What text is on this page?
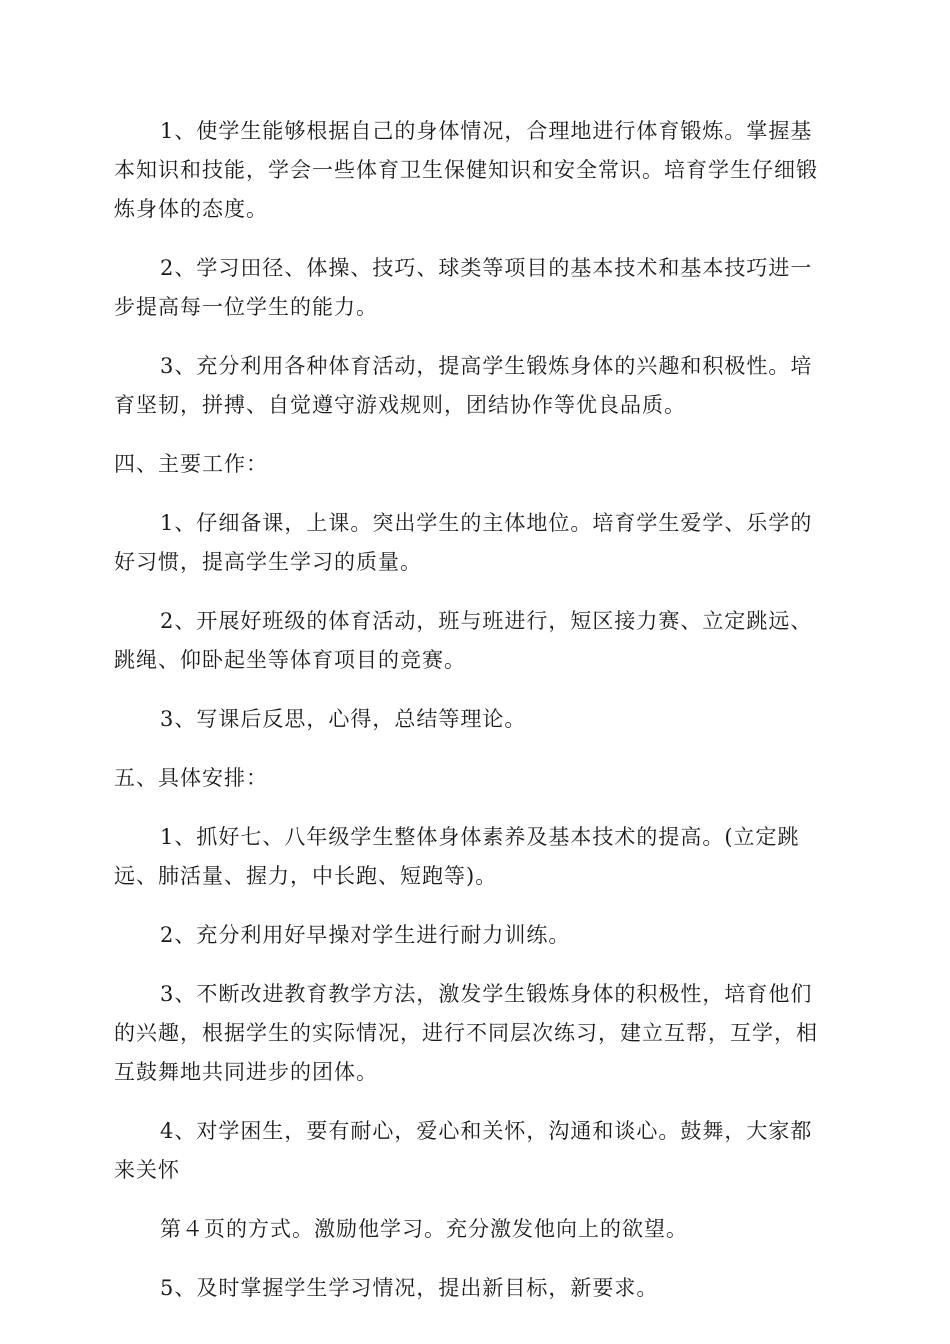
1、使学生能够根据自己的身体情况，合理地进行体育锻炼。掌握基本知识和技能，学会一些体育卫生保健知识和安全常识。培育学生仔细锻炼身体的态度。

2、学习田径、体操、技巧、球类等项目的基本技术和基本技巧进一步提高每一位学生的能力。

3、充分利用各种体育活动，提高学生锻炼身体的兴趣和积极性。培育坚韧，拼搏、自觉遵守游戏规则，团结协作等优良品质。

四、主要工作：

1、仔细备课，上课。突出学生的主体地位。培育学生爱学、乐学的好习惯，提高学生学习的质量。

2、开展好班级的体育活动，班与班进行，短区接力赛、立定跳远、跳绳、仰卧起坐等体育项目的竞赛。

3、写课后反思，心得，总结等理论。

五、具体安排：

1、抓好七、八年级学生整体身体素养及基本技术的提高。(立定跳远、肺活量、握力，中长跑、短跑等)。

2、充分利用好早操对学生进行耐力训练。

3、不断改进教育教学方法，激发学生锻炼身体的积极性，培育他们的兴趣，根据学生的实际情况，进行不同层次练习，建立互帮，互学，相互鼓舞地共同进步的团体。

4、对学困生，要有耐心，爱心和关怀，沟通和谈心。鼓舞，大家都来关怀

第４页的方式。激励他学习。充分激发他向上的欲望。

5、及时掌握学生学习情况，提出新目标，新要求。
